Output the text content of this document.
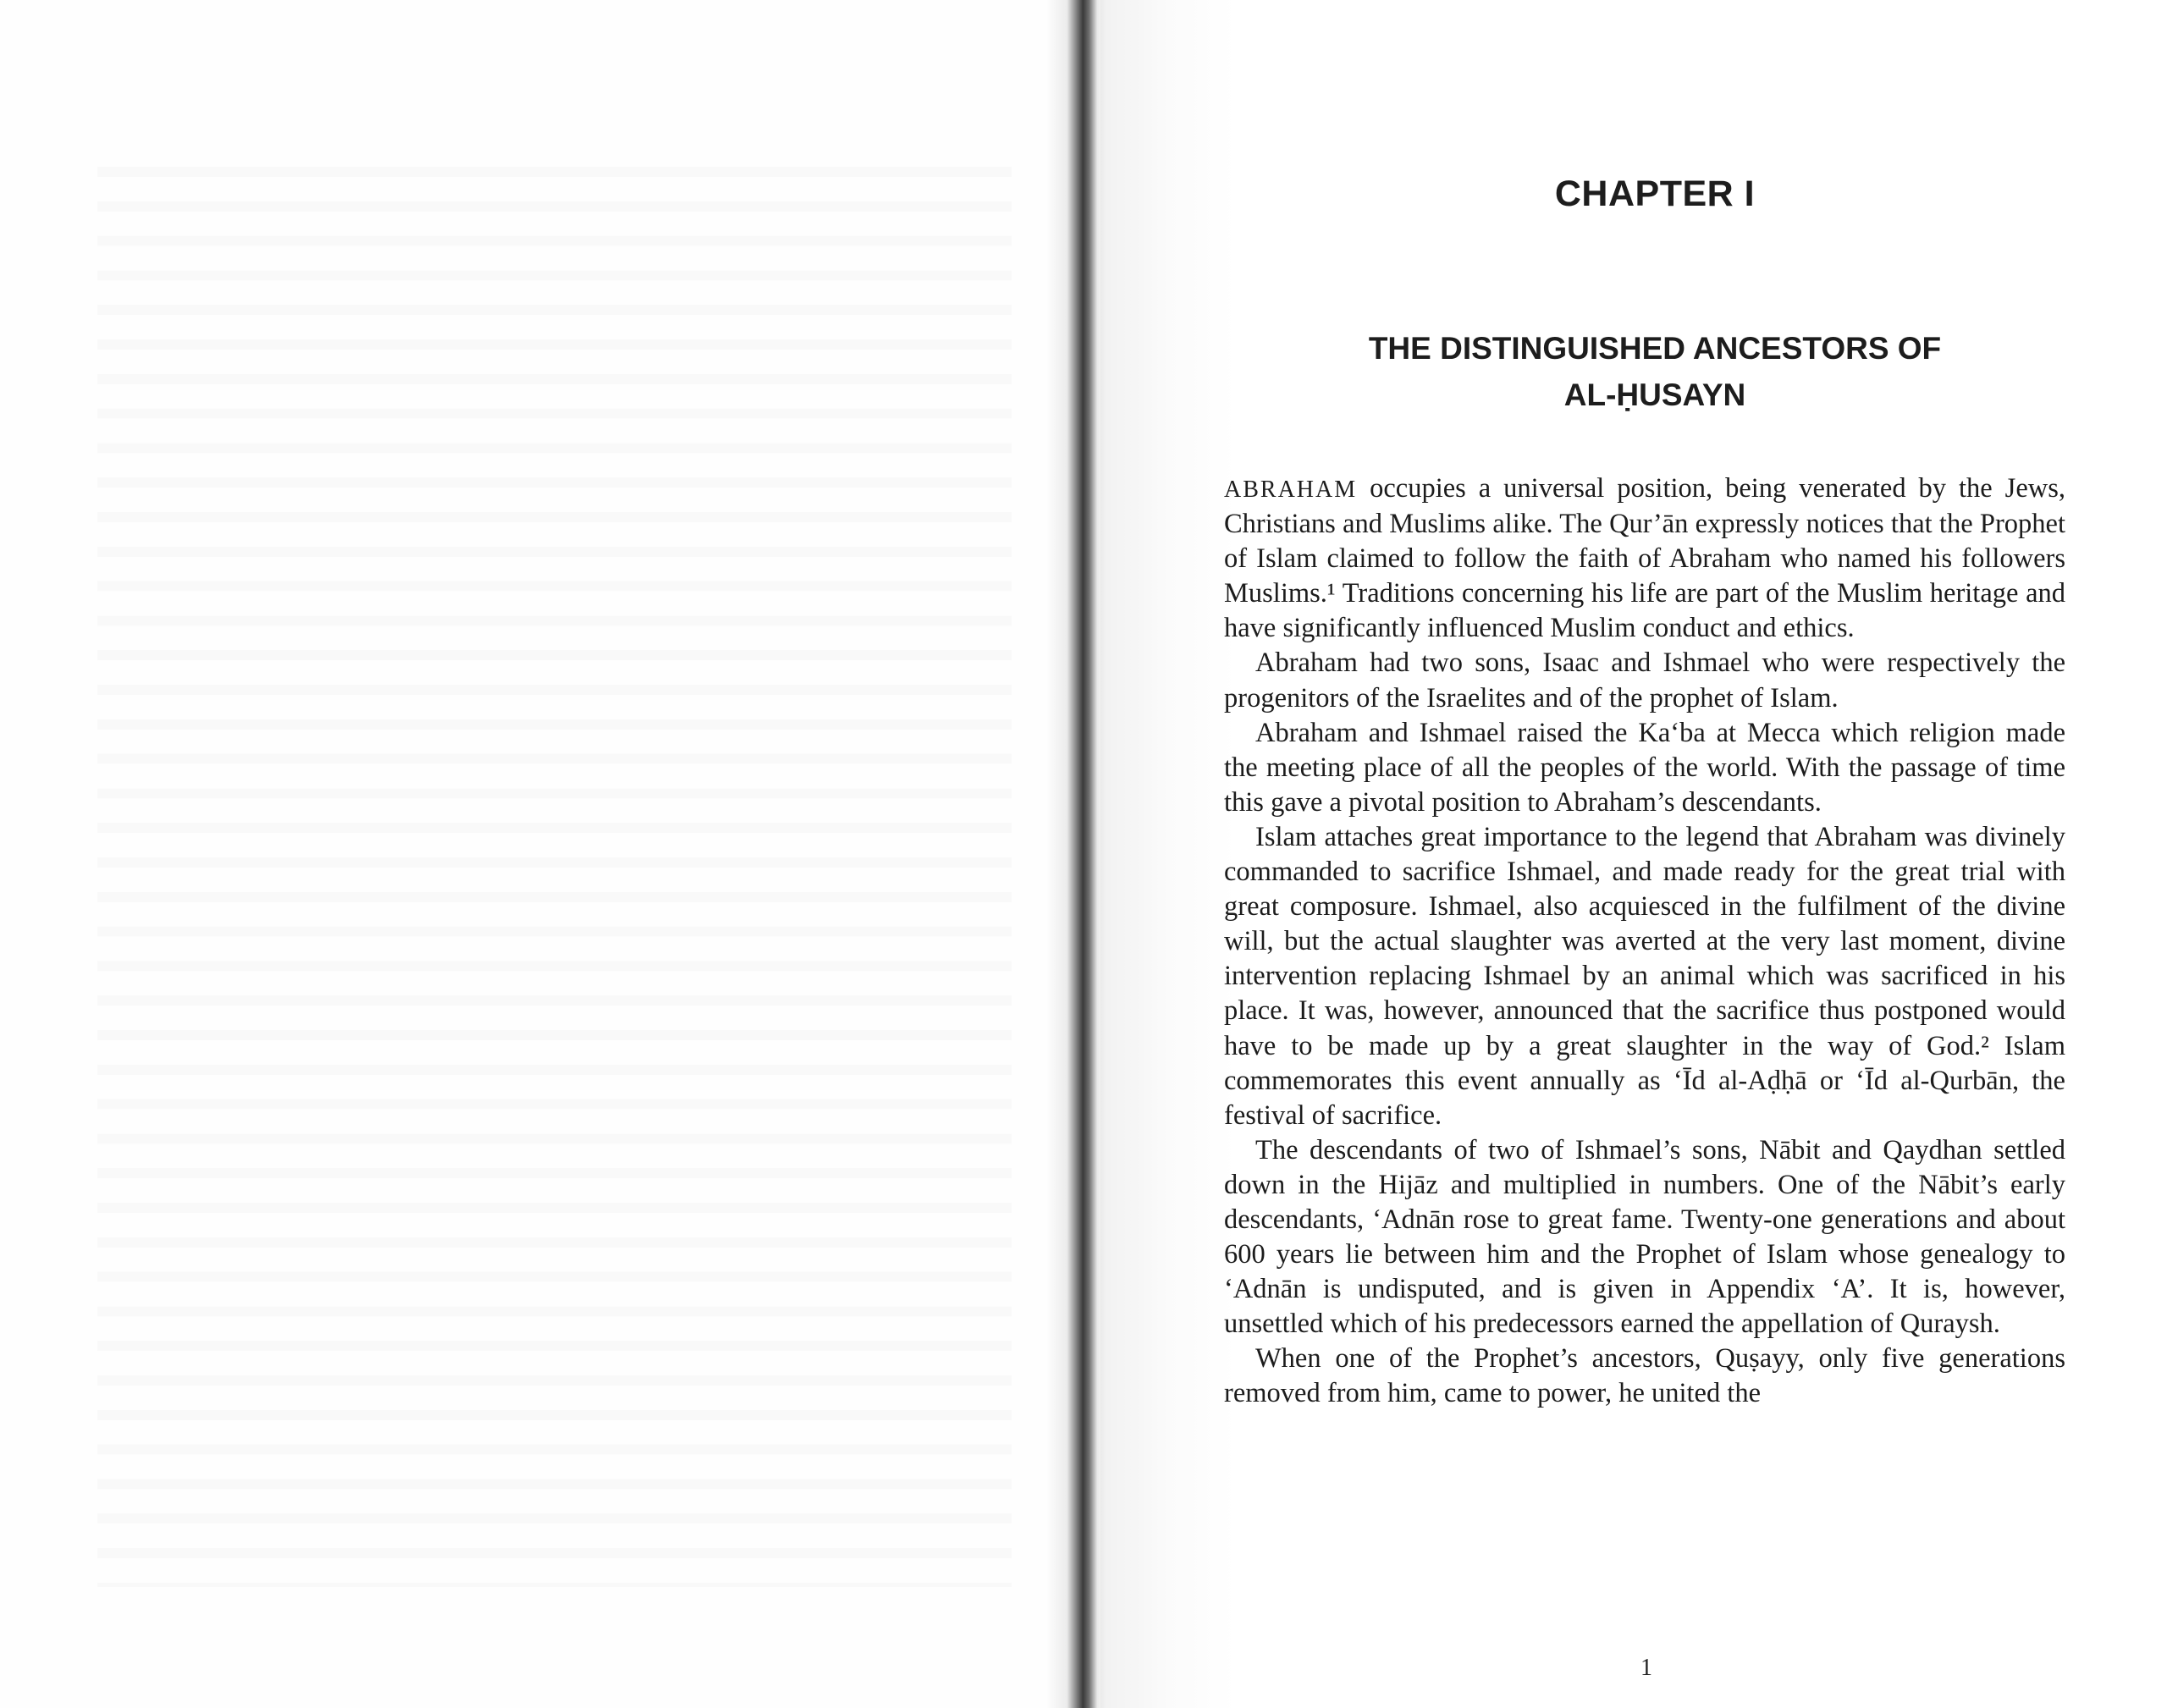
CHAPTER I
THE DISTINGUISHED ANCESTORS OF
AL-ḤUSAYN

ABRAHAM occupies a universal position, being venerated by the Jews, Christians and Muslims alike. The Qur’ān expressly notices that the Prophet of Islam claimed to follow the faith of Abraham who named his followers Muslims.¹ Traditions concerning his life are part of the Muslim heritage and have significantly influenced Muslim conduct and ethics.

Abraham had two sons, Isaac and Ishmael who were respectively the progenitors of the Israelites and of the prophet of Islam.

Abraham and Ishmael raised the Ka‘ba at Mecca which religion made the meeting place of all the peoples of the world. With the passage of time this gave a pivotal position to Abraham’s descendants.

Islam attaches great importance to the legend that Abraham was divinely commanded to sacrifice Ishmael, and made ready for the great trial with great composure. Ishmael, also acquiesced in the fulfilment of the divine will, but the actual slaughter was averted at the very last moment, divine intervention replacing Ishmael by an animal which was sacrificed in his place. It was, however, announced that the sacrifice thus postponed would have to be made up by a great slaughter in the way of God.² Islam commemorates this event annually as ‘Īd al-Aḍḥā or ‘Īd al-Qurbān, the festival of sacrifice.

The descendants of two of Ishmael’s sons, Nābit and Qaydhan settled down in the Hijāz and multiplied in numbers. One of the Nābit’s early descendants, ‘Adnān rose to great fame. Twenty-one generations and about 600 years lie between him and the Prophet of Islam whose genealogy to ‘Adnān is undisputed, and is given in Appendix ‘A’. It is, however, unsettled which of his predecessors earned the appellation of Quraysh.

When one of the Prophet’s ancestors, Quṣayy, only five generations removed from him, came to power, he united the

1
